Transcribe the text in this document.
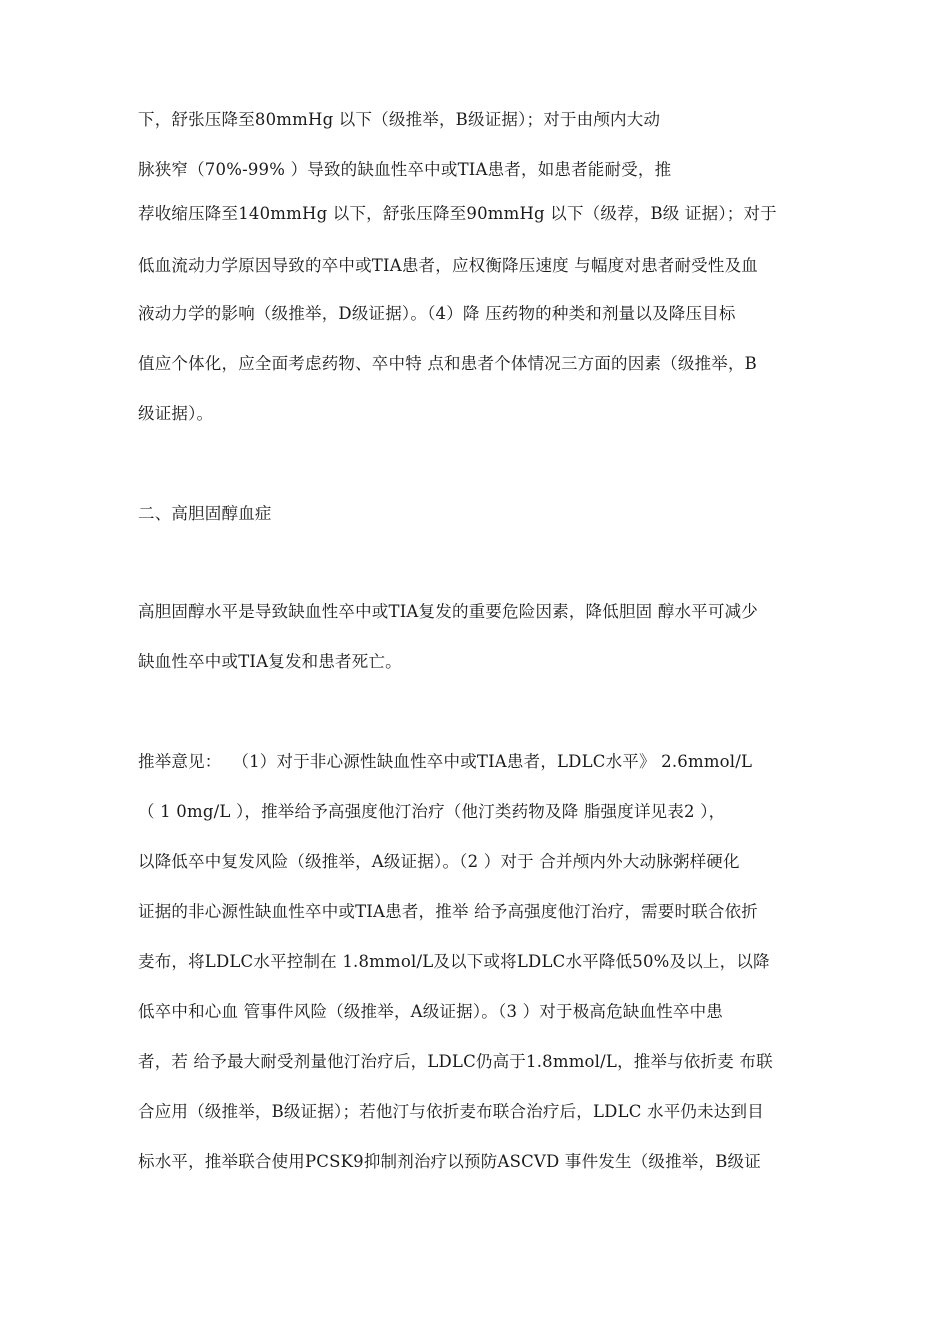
下，舒张压降至80mmHg 以下（级推举，B级证据）；对于由颅内大动
脉狭窄（70%-99% ）导致的缺血性卒中或TIA患者，如患者能耐受，推
荐收缩压降至140mmHg 以下，舒张压降至90mmHg 以下（级荐，B级 证据）；对于
低血流动力学原因导致的卒中或TIA患者，应权衡降压速度 与幅度对患者耐受性及血
液动力学的影响（级推举，D级证据）。（4）降 压药物的种类和剂量以及降压目标
值应个体化，应全面考虑药物、卒中特 点和患者个体情况三方面的因素（级推举，B
级证据）。
二、高胆固醇血症
高胆固醇水平是导致缺血性卒中或TIA复发的重要危险因素，降低胆固 醇水平可减少
缺血性卒中或TIA复发和患者死亡。
推举意见：  （1）对于非心源性缺血性卒中或TIA患者，LDLC水平》 2.6mmol/L
（ 1 0mg/L ），推举给予高强度他汀治疗（他汀类药物及降 脂强度详见表2 ），
以降低卒中复发风险（级推举，A级证据）。（2 ）对于 合并颅内外大动脉粥样硬化
证据的非心源性缺血性卒中或TIA患者，推举 给予高强度他汀治疗，需要时联合依折
麦布，将LDLC水平控制在 1.8mmol/L及以下或将LDLC水平降低50%及以上，以降
低卒中和心血 管事件风险（级推举，A级证据）。（3 ）对于极高危缺血性卒中患
者，若 给予最大耐受剂量他汀治疗后，LDLC仍高于1.8mmol/L，推举与依折麦 布联
合应用（级推举，B级证据）；若他汀与依折麦布联合治疗后，LDLC 水平仍未达到目
标水平，推举联合使用PCSK9抑制剂治疗以预防ASCVD 事件发生（级推举，B级证
